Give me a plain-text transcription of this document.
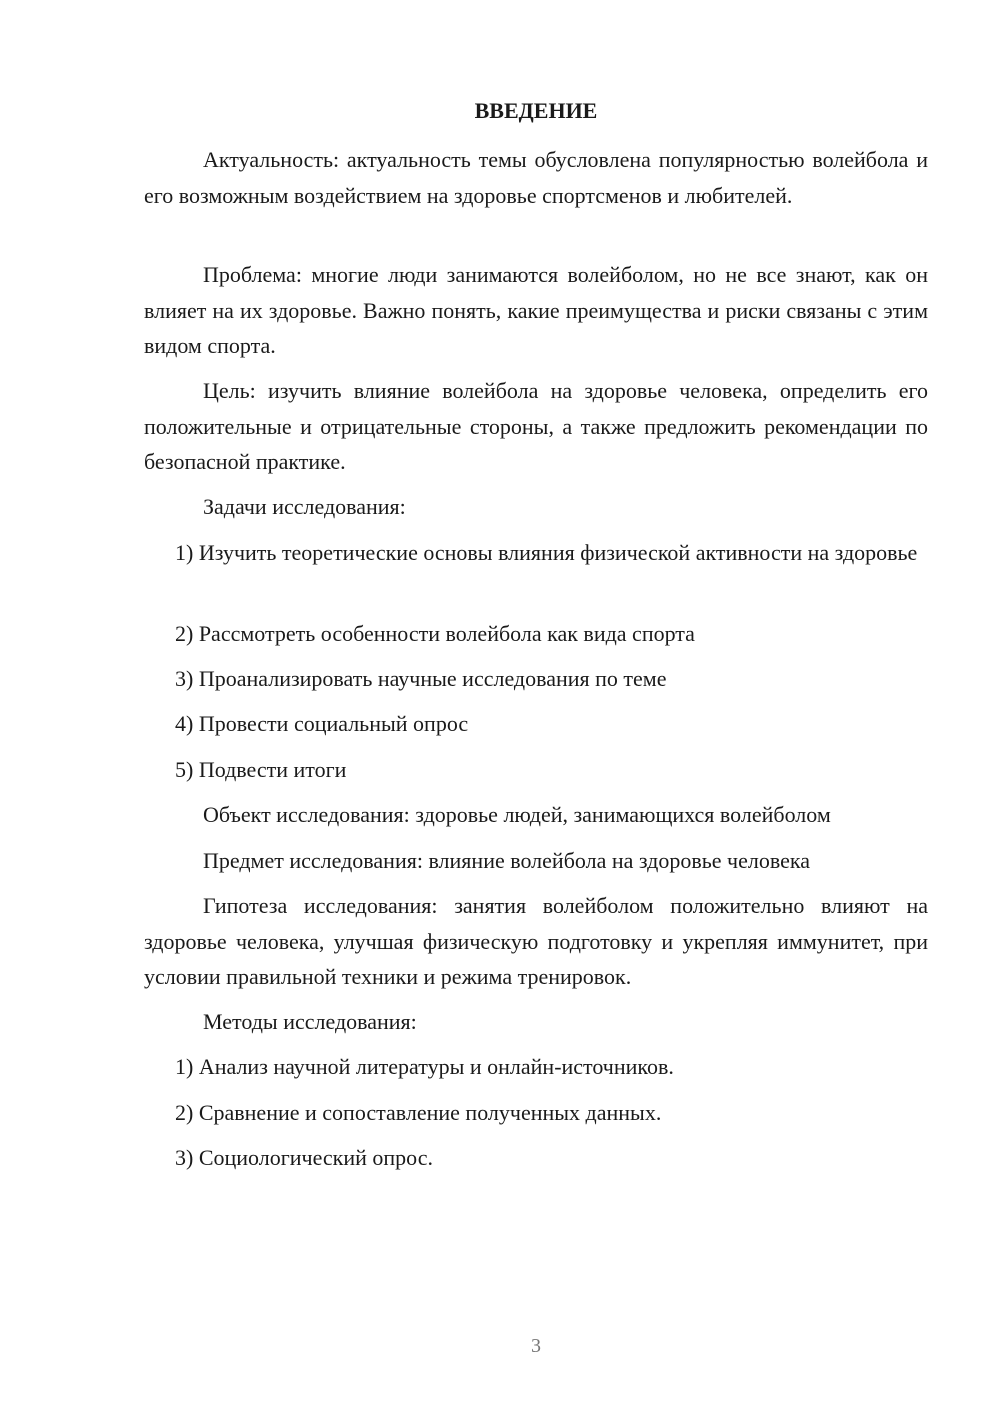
ВВЕДЕНИЕ

Актуальность: актуальность темы обусловлена популярностью волейбола и его возможным воздействием на здоровье спортсменов и любителей.

Проблема: многие люди занимаются волейболом, но не все знают, как он влияет на их здоровье. Важно понять, какие преимущества и риски связаны с этим видом спорта.

Цель: изучить влияние волейбола на здоровье человека, определить его положительные и отрицательные стороны, а также предложить рекомендации по безопасной практике.

Задачи исследования:

1) Изучить теоретические основы влияния физической активности на здоровье

2) Рассмотреть особенности волейбола как вида спорта

3) Проанализировать научные исследования по теме

4) Провести социальный опрос

5) Подвести итоги

Объект исследования: здоровье людей, занимающихся волейболом

Предмет исследования: влияние волейбола на здоровье человека

Гипотеза исследования: занятия волейболом положительно влияют на здоровье человека, улучшая физическую подготовку и укрепляя иммунитет, при условии правильной техники и режима тренировок.

Методы исследования:

1) Анализ научной литературы и онлайн-источников.

2) Сравнение и сопоставление полученных данных.

3) Социологический опрос.

3
